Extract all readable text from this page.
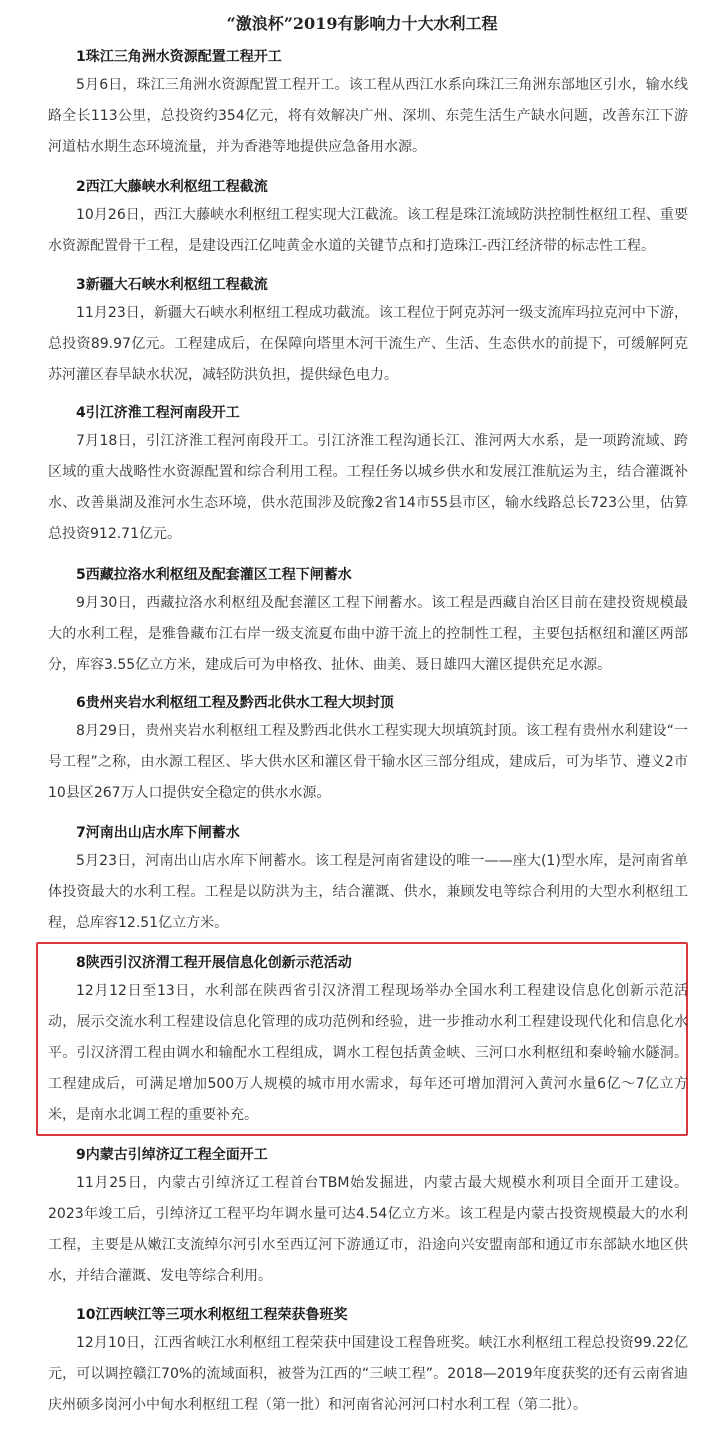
“激浪杯”2019有影响力十大水利工程
1珠江三角洲水资源配置工程开工
5月6日，珠江三角洲水资源配置工程开工。该工程从西江水系向珠江三角洲东部地区引水，输水线路全长113公里，总投资约354亿元，将有效解决广州、深圳、东莞生活生产缺水问题，改善东江下游河道枯水期生态环境流量，并为香港等地提供应急备用水源。
2西江大藤峡水利枢纽工程截流
10月26日，西江大藤峡水利枢纽工程实现大江截流。该工程是珠江流域防洪控制性枢纽工程、重要水资源配置骨干工程，是建设西江亿吨黄金水道的关键节点和打造珠江-西江经济带的标志性工程。
3新疆大石峡水利枢纽工程截流
11月23日，新疆大石峡水利枢纽工程成功截流。该工程位于阿克苏河一级支流库玛拉克河中下游，总投资89.97亿元。工程建成后，在保障向塔里木河干流生产、生活、生态供水的前提下，可缓解阿克苏河灌区春旱缺水状况，减轻防洪负担，提供绿色电力。
4引江济淮工程河南段开工
7月18日，引江济淮工程河南段开工。引江济淮工程沟通长江、淮河两大水系，是一项跨流域、跨区域的重大战略性水资源配置和综合利用工程。工程任务以城乡供水和发展江淮航运为主，结合灌溉补水、改善巢湖及淮河水生态环境，供水范围涉及皖豫2省14市55县市区，输水线路总长723公里，估算总投资912.71亿元。
5西藏拉洛水利枢纽及配套灌区工程下闸蓄水
9月30日，西藏拉洛水利枢纽及配套灌区工程下闸蓄水。该工程是西藏自治区目前在建投资规模最大的水利工程，是雅鲁藏布江右岸一级支流夏布曲中游干流上的控制性工程，主要包括枢纽和灌区两部分，库容3.55亿立方米，建成后可为申格孜、扯休、曲美、聂日雄四大灌区提供充足水源。
6贵州夹岩水利枢纽工程及黔西北供水工程大坝封顶
8月29日，贵州夹岩水利枢纽工程及黔西北供水工程实现大坝填筑封顶。该工程有贵州水利建设“一号工程”之称，由水源工程区、毕大供水区和灌区骨干输水区三部分组成，建成后，可为毕节、遵义2市10县区267万人口提供安全稳定的供水水源。
7河南出山店水库下闸蓄水
5月23日，河南出山店水库下闸蓄水。该工程是河南省建设的唯一——座大(1)型水库，是河南省单体投资最大的水利工程。工程是以防洪为主，结合灌溉、供水，兼顾发电等综合利用的大型水利枢纽工程，总库容12.51亿立方米。
8陕西引汉济渭工程开展信息化创新示范活动
12月12日至13日，水利部在陕西省引汉济渭工程现场举办全国水利工程建设信息化创新示范活动，展示交流水利工程建设信息化管理的成功范例和经验，进一步推动水利工程建设现代化和信息化水平。引汉济渭工程由调水和输配水工程组成，调水工程包括黄金峡、三河口水利枢纽和秦岭输水隧洞。工程建成后，可满足增加500万人规模的城市用水需求，每年还可增加渭河入黄河水量6亿～7亿立方米，是南水北调工程的重要补充。
9内蒙古引绰济辽工程全面开工
11月25日，内蒙古引绰济辽工程首台TBM始发掘进，内蒙古最大规模水利项目全面开工建设。2023年竣工后，引绰济辽工程平均年调水量可达4.54亿立方米。该工程是内蒙古投资规模最大的水利工程，主要是从嫩江支流绰尔河引水至西辽河下游通辽市，沿途向兴安盟南部和通辽市东部缺水地区供水，并结合灌溉、发电等综合利用。
10江西峡江等三项水利枢纽工程荣获鲁班奖
12月10日，江西省峡江水利枢纽工程荣获中国建设工程鲁班奖。峡江水利枢纽工程总投资99.22亿元，可以调控赣江70%的流域面积，被誉为江西的“三峡工程”。2018—2019年度获奖的还有云南省迪庆州硕多岗河小中甸水利枢纽工程（第一批）和河南省沁河河口村水利工程（第二批）。
